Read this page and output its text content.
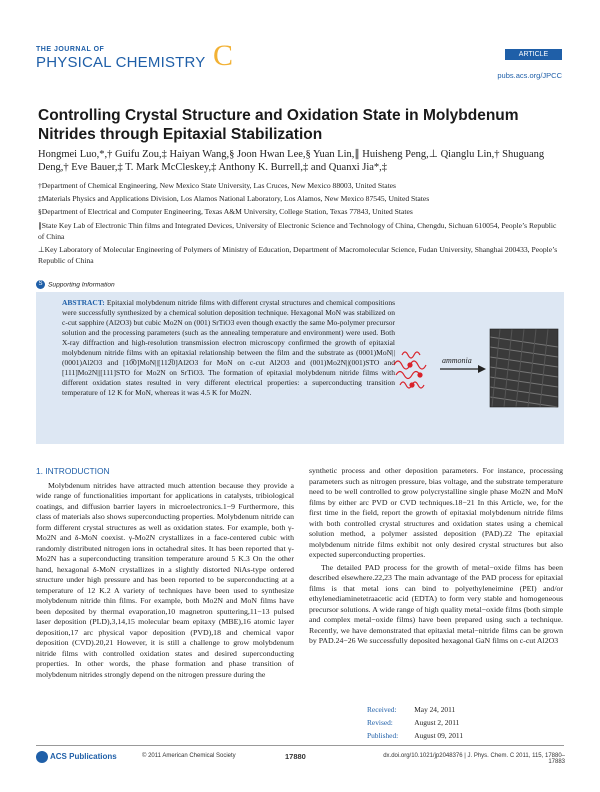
THE JOURNAL OF
PHYSICAL CHEMISTRY C	ARTICLE
pubs.acs.org/JPCC
Controlling Crystal Structure and Oxidation State in Molybdenum Nitrides through Epitaxial Stabilization
Hongmei Luo,*,† Guifu Zou,‡ Haiyan Wang,§ Joon Hwan Lee,§ Yuan Lin,∥ Huisheng Peng,⊥ Qianglu Lin,† Shuguang Deng,† Eve Bauer,‡ T. Mark McCleskey,‡ Anthony K. Burrell,‡ and Quanxi Jia*,‡
†Department of Chemical Engineering, New Mexico State University, Las Cruces, New Mexico 88003, United States
‡Materials Physics and Applications Division, Los Alamos National Laboratory, Los Alamos, New Mexico 87545, United States
§Department of Electrical and Computer Engineering, Texas A&M University, College Station, Texas 77843, United States
∥State Key Lab of Electronic Thin films and Integrated Devices, University of Electronic Science and Technology of China, Chengdu, Sichuan 610054, People’s Republic of China
⊥Key Laboratory of Molecular Engineering of Polymers of Ministry of Education, Department of Macromolecular Science, Fudan University, Shanghai 200433, People’s Republic of China
S Supporting Information
ABSTRACT: Epitaxial molybdenum nitride films with different crystal structures and chemical compositions were successfully synthesized by a chemical solution deposition technique. Hexagonal MoN was stabilized on c-cut sapphire (Al2O3) but cubic Mo2N on (001) SrTiO3 even though exactly the same Mo-polymer precursor solution and the processing parameters (such as the annealing temperature and environment) were used. Both X-ray diffraction and high-resolution transmission electron microscopy confirmed the growth of epitaxial molybdenum nitride films with an epitaxial relationship between the film and the substrate as (0001)MoN||(0001)Al2O3 and [10̅0]MoN||[112̅0]Al2O3 for MoN on c-cut Al2O3 and (001)Mo2N||(001)STO and [111]Mo2N||[111]STO for Mo2N on SrTiO3. The formation of epitaxial molybdenum nitride films with different oxidation states resulted in very different electrical properties: a superconducting transition temperature of 12 K for MoN, whereas it was 4.5 K for Mo2N.
ammonia
1. INTRODUCTION
Molybdenum nitrides have attracted much attention because they provide a wide range of functionalities important for applications in catalysts, tribiological coatings, and diffusion barrier layers in microelectronics.1−9 Furthermore, this class of materials also shows superconducting properties. Molybdenum nitride can form different crystal structures as well as oxidation states. For example, both γ-Mo2N and δ-MoN coexist. γ-Mo2N crystallizes in a face-centered cubic with randomly distributed nitrogen ions in octahedral sites. It has been reported that γ-Mo2N has a superconducting transition temperature around 5 K.3 On the other hand, hexagonal δ-MoN crystallizes in a slightly distorted NiAs-type ordered structure under high pressure and has been reported to be superconducting at a temperature of 12 K.2 A variety of techniques have been used to synthesize molybdenum nitride thin films. For example, both Mo2N and MoN films have been deposited by thermal evaporation,10 magnetron sputtering,11−13 pulsed laser deposition (PLD),3,14,15 molecular beam epitaxy (MBE),16 atomic layer deposition,17 arc physical vapor deposition (PVD),18 and chemical vapor deposition (CVD).20,21 However, it is still a challenge to grow molybdenum nitride films with controlled oxidation states and desired superconducting properties. In other words, the phase formation and phase transition of molybdenum nitrides strongly depend on the nitrogen pressure during the
synthetic process and other deposition parameters. For instance, processing parameters such as nitrogen pressure, bias voltage, and the substrate temperature need to be well controlled to grow polycrystalline single phase Mo2N and MoN films by either arc PVD or CVD techniques.18−21 In this Article, we, for the first time in the field, report the growth of epitaxial molybdenum nitride films with both controlled crystal structures and oxidation states using a chemical solution method, a polymer assisted deposition (PAD).22 The epitaxial molybdenum nitride films exhibit not only desired crystal structures but also expected superconducting properties.
The detailed PAD process for the growth of metal−oxide films has been described elsewhere.22,23 The main advantage of the PAD process for epitaxial films is that metal ions can bind to polyethyleneimine (PEI) and/or ethylenediaminetetraacetic acid (EDTA) to form very stable and homogeneous precursor solutions. A wide range of high quality metal−oxide films (both simple and complex metal−oxide films) have been prepared using such a technique. Recently, we have demonstrated that epitaxial metal−nitride films can be grown by PAD.24−26 We successfully deposited hexagonal GaN films on c-cut Al2O3
Received:	May 24, 2011
Revised:	August 2, 2011
Published:	August 09, 2011
ACS Publications	© 2011 American Chemical Society	17880	dx.doi.org/10.1021/jp2048376 | J. Phys. Chem. C 2011, 115, 17880–17883
